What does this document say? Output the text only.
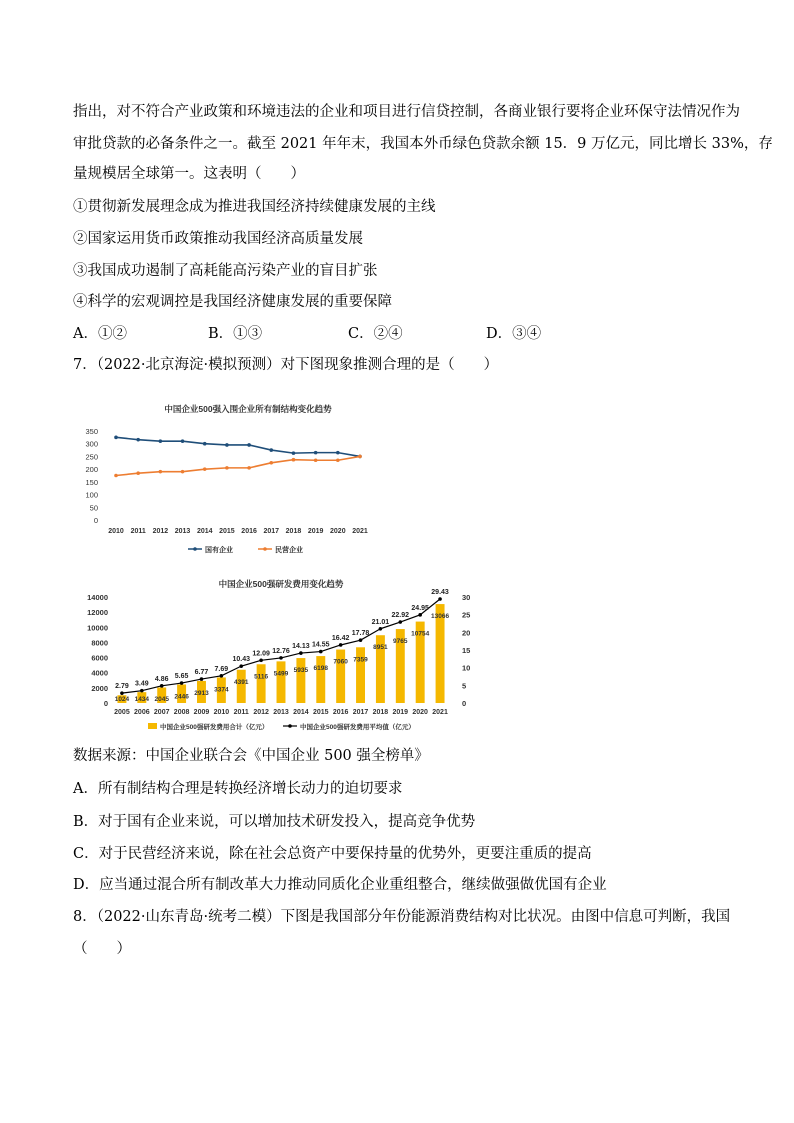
指出，对不符合产业政策和环境违法的企业和项目进行信贷控制，各商业银行要将企业环保守法情况作为
审批贷款的必备条件之一。截至 2021 年年末，我国本外币绿色贷款余额 15．9 万亿元，同比增长 33%，存
量规模居全球第一。这表明（　　）
①贯彻新发展理念成为推进我国经济持续健康发展的主线
②国家运用货币政策推动我国经济高质量发展
③我国成功遏制了高耗能高污染产业的盲目扩张
④科学的宏观调控是我国经济健康发展的重要保障
A．①②	B．①③	C．②④	D．③④
7．（2022·北京海淀·模拟预测）对下图现象推测合理的是（　　）
中国企业500强入围企业所有制结构变化趋势
0
50
100
150
200
250
300
350
2010 2011 2012 2013 2014 2015 2016 2017 2018 2019 2020 2021
国有企业	民营企业
中国企业500强研发费用变化趋势
0
2000
4000
6000
8000
10000
12000
14000
0
5
10
15
20
25
30
2005 2006 2007 2008 2009 2010 2011 2012 2013 2014 2015 2016 2017 2018 2019 2020 2021
2.79 3.49
4.86 5.65
6.77 7.69
10.43
12.09 12.76
14.13 14.55
16.42
17.78
21.01
22.92
24.95
29.43
1024 1434 2045 2446
2913 3374
4391
5116 5499 5935 6198
7060 7359
8951
9765
10754
13066
中国企业500强研发费用合计（亿元）	中国企业500强研发费用平均值（亿元）
数据来源：中国企业联合会《中国企业 500 强全榜单》
A．所有制结构合理是转换经济增长动力的迫切要求
B．对于国有企业来说，可以增加技术研发投入，提高竞争优势
C．对于民营经济来说，除在社会总资产中要保持量的优势外，更要注重质的提高
D．应当通过混合所有制改革大力推动同质化企业重组整合，继续做强做优国有企业
8．（2022·山东青岛·统考二模）下图是我国部分年份能源消费结构对比状况。由图中信息可判断，我国
（　　）
